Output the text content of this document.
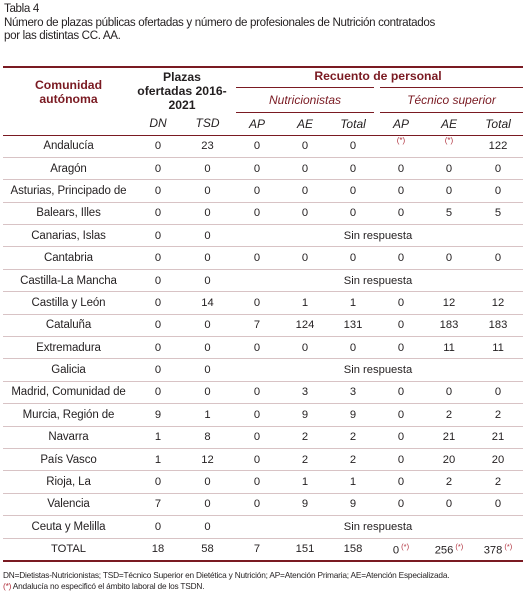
Tabla 4
Número de plazas públicas ofertadas y número de profesionales de Nutrición contratados
por las distintas CC. AA.

Comunidad autónoma	Plazas ofertadas 2016-2021		Recuento de personal					
			Nutricionistas			Técnico superior		
	DN	TSD	AP	AE	Total	AP	AE	Total
Andalucía	0	23	0	0	0	(*)	(*)	122
Aragón	0	0	0	0	0	0	0	0
Asturias, Principado de	0	0	0	0	0	0	0	0
Balears, Illes	0	0	0	0	0	0	5	5
Canarias, Islas	0	0	Sin respuesta					
Cantabria	0	0	0	0	0	0	0	0
Castilla-La Mancha	0	0	Sin respuesta					
Castilla y León	0	14	0	1	1	0	12	12
Cataluña	0	0	7	124	131	0	183	183
Extremadura	0	0	0	0	0	0	11	11
Galicia	0	0	Sin respuesta					
Madrid, Comunidad de	0	0	0	3	3	0	0	0
Murcia, Región de	9	1	0	9	9	0	2	2
Navarra	1	8	0	2	2	0	21	21
País Vasco	1	12	0	2	2	0	20	20
Rioja, La	0	0	0	1	1	0	2	2
Valencia	7	0	0	9	9	0	0	0
Ceuta y Melilla	0	0	Sin respuesta					
TOTAL	18	58	7	151	158	0 (*)	256 (*)	378 (*)
DN=Dietistas-Nutricionistas; TSD=Técnico Superior en Dietética y Nutrición; AP=Atención Primaria; AE=Atención Especializada.
(*) Andalucía no especificó el ámbito laboral de los TSDN.
